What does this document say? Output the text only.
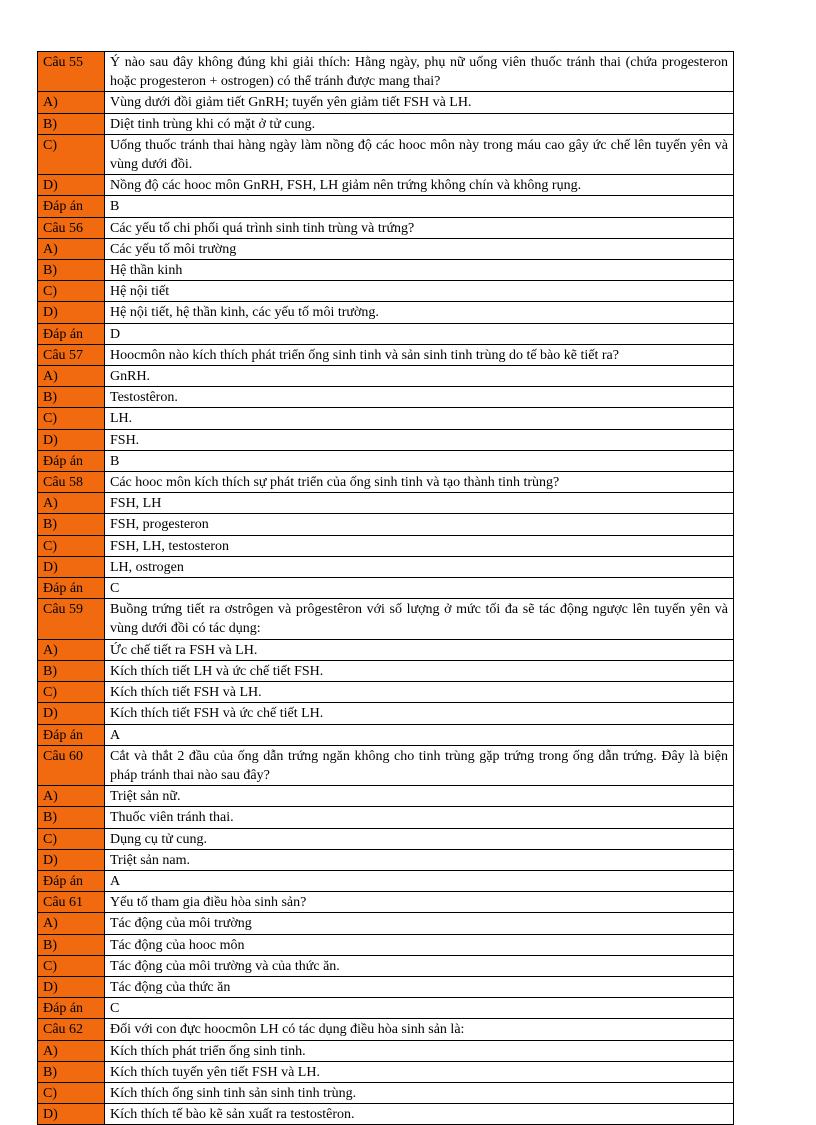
Câu 55	Ý nào sau đây không đúng khi giải thích: Hằng ngày, phụ nữ uống viên thuốc tránh thai (chứa progesteron hoặc progesteron + ostrogen) có thể tránh được mang thai?
A)	Vùng dưới đồi giảm tiết GnRH; tuyến yên giảm tiết FSH và LH.
B)	Diệt tinh trùng khi có mặt ở tử cung.
C)	Uống thuốc tránh thai hàng ngày làm nồng độ các hooc môn này trong máu cao gây ức chế lên tuyến yên và vùng dưới đồi.
D)	Nồng độ các hooc môn GnRH, FSH, LH giảm nên trứng không chín và không rụng.
Đáp án	B
Câu 56	Các yếu tố chi phối quá trình sinh tinh trùng và trứng?
A)	Các yếu tố môi trường
B)	Hệ thần kinh
C)	Hệ nội tiết
D)	Hệ nội tiết, hệ thần kinh, các yếu tố môi trường.
Đáp án	D
Câu 57	Hoocmôn nào kích thích phát triển ống sinh tinh và sản sinh tinh trùng do tế bào kẽ tiết ra?
A)	GnRH.
B)	Testostêron.
C)	LH.
D)	FSH.
Đáp án	B
Câu 58	Các hooc môn kích thích sự phát triển của ống sinh tinh và tạo thành tinh trùng?
A)	FSH, LH
B)	FSH, progesteron
C)	FSH, LH, testosteron
D)	LH, ostrogen
Đáp án	C
Câu 59	Buồng trứng tiết ra ơstrôgen và prôgestêron với số lượng ở mức tối đa sẽ tác động ngược lên tuyến yên và vùng dưới đồi có tác dụng:
A)	Ức chế tiết ra FSH và LH.
B)	Kích thích tiết LH và ức chế tiết FSH.
C)	Kích thích tiết FSH và LH.
D)	Kích thích tiết FSH và ức chế tiết LH.
Đáp án	A
Câu 60	Cắt và thắt 2 đầu của ống dẫn trứng ngăn không cho tinh trùng gặp trứng trong ống dẫn trứng. Đây là biện pháp tránh thai nào sau đây?
A)	Triệt sản nữ.
B)	Thuốc viên tránh thai.
C)	Dụng cụ tử cung.
D)	Triệt sản nam.
Đáp án	A
Câu 61	Yếu tố tham gia điều hòa sinh sản?
A)	Tác động của môi trường
B)	Tác động của hooc môn
C)	Tác động của môi trường và của thức ăn.
D)	Tác động của thức ăn
Đáp án	C
Câu 62	Đối với con đực hoocmôn LH có tác dụng điều hòa sinh sản là:
A)	Kích thích phát triển ống sinh tinh.
B)	Kích thích tuyến yên tiết FSH và LH.
C)	Kích thích ống sinh tinh sản sinh tinh trùng.
D)	Kích thích tế bào kẽ sản xuất ra testostêron.
